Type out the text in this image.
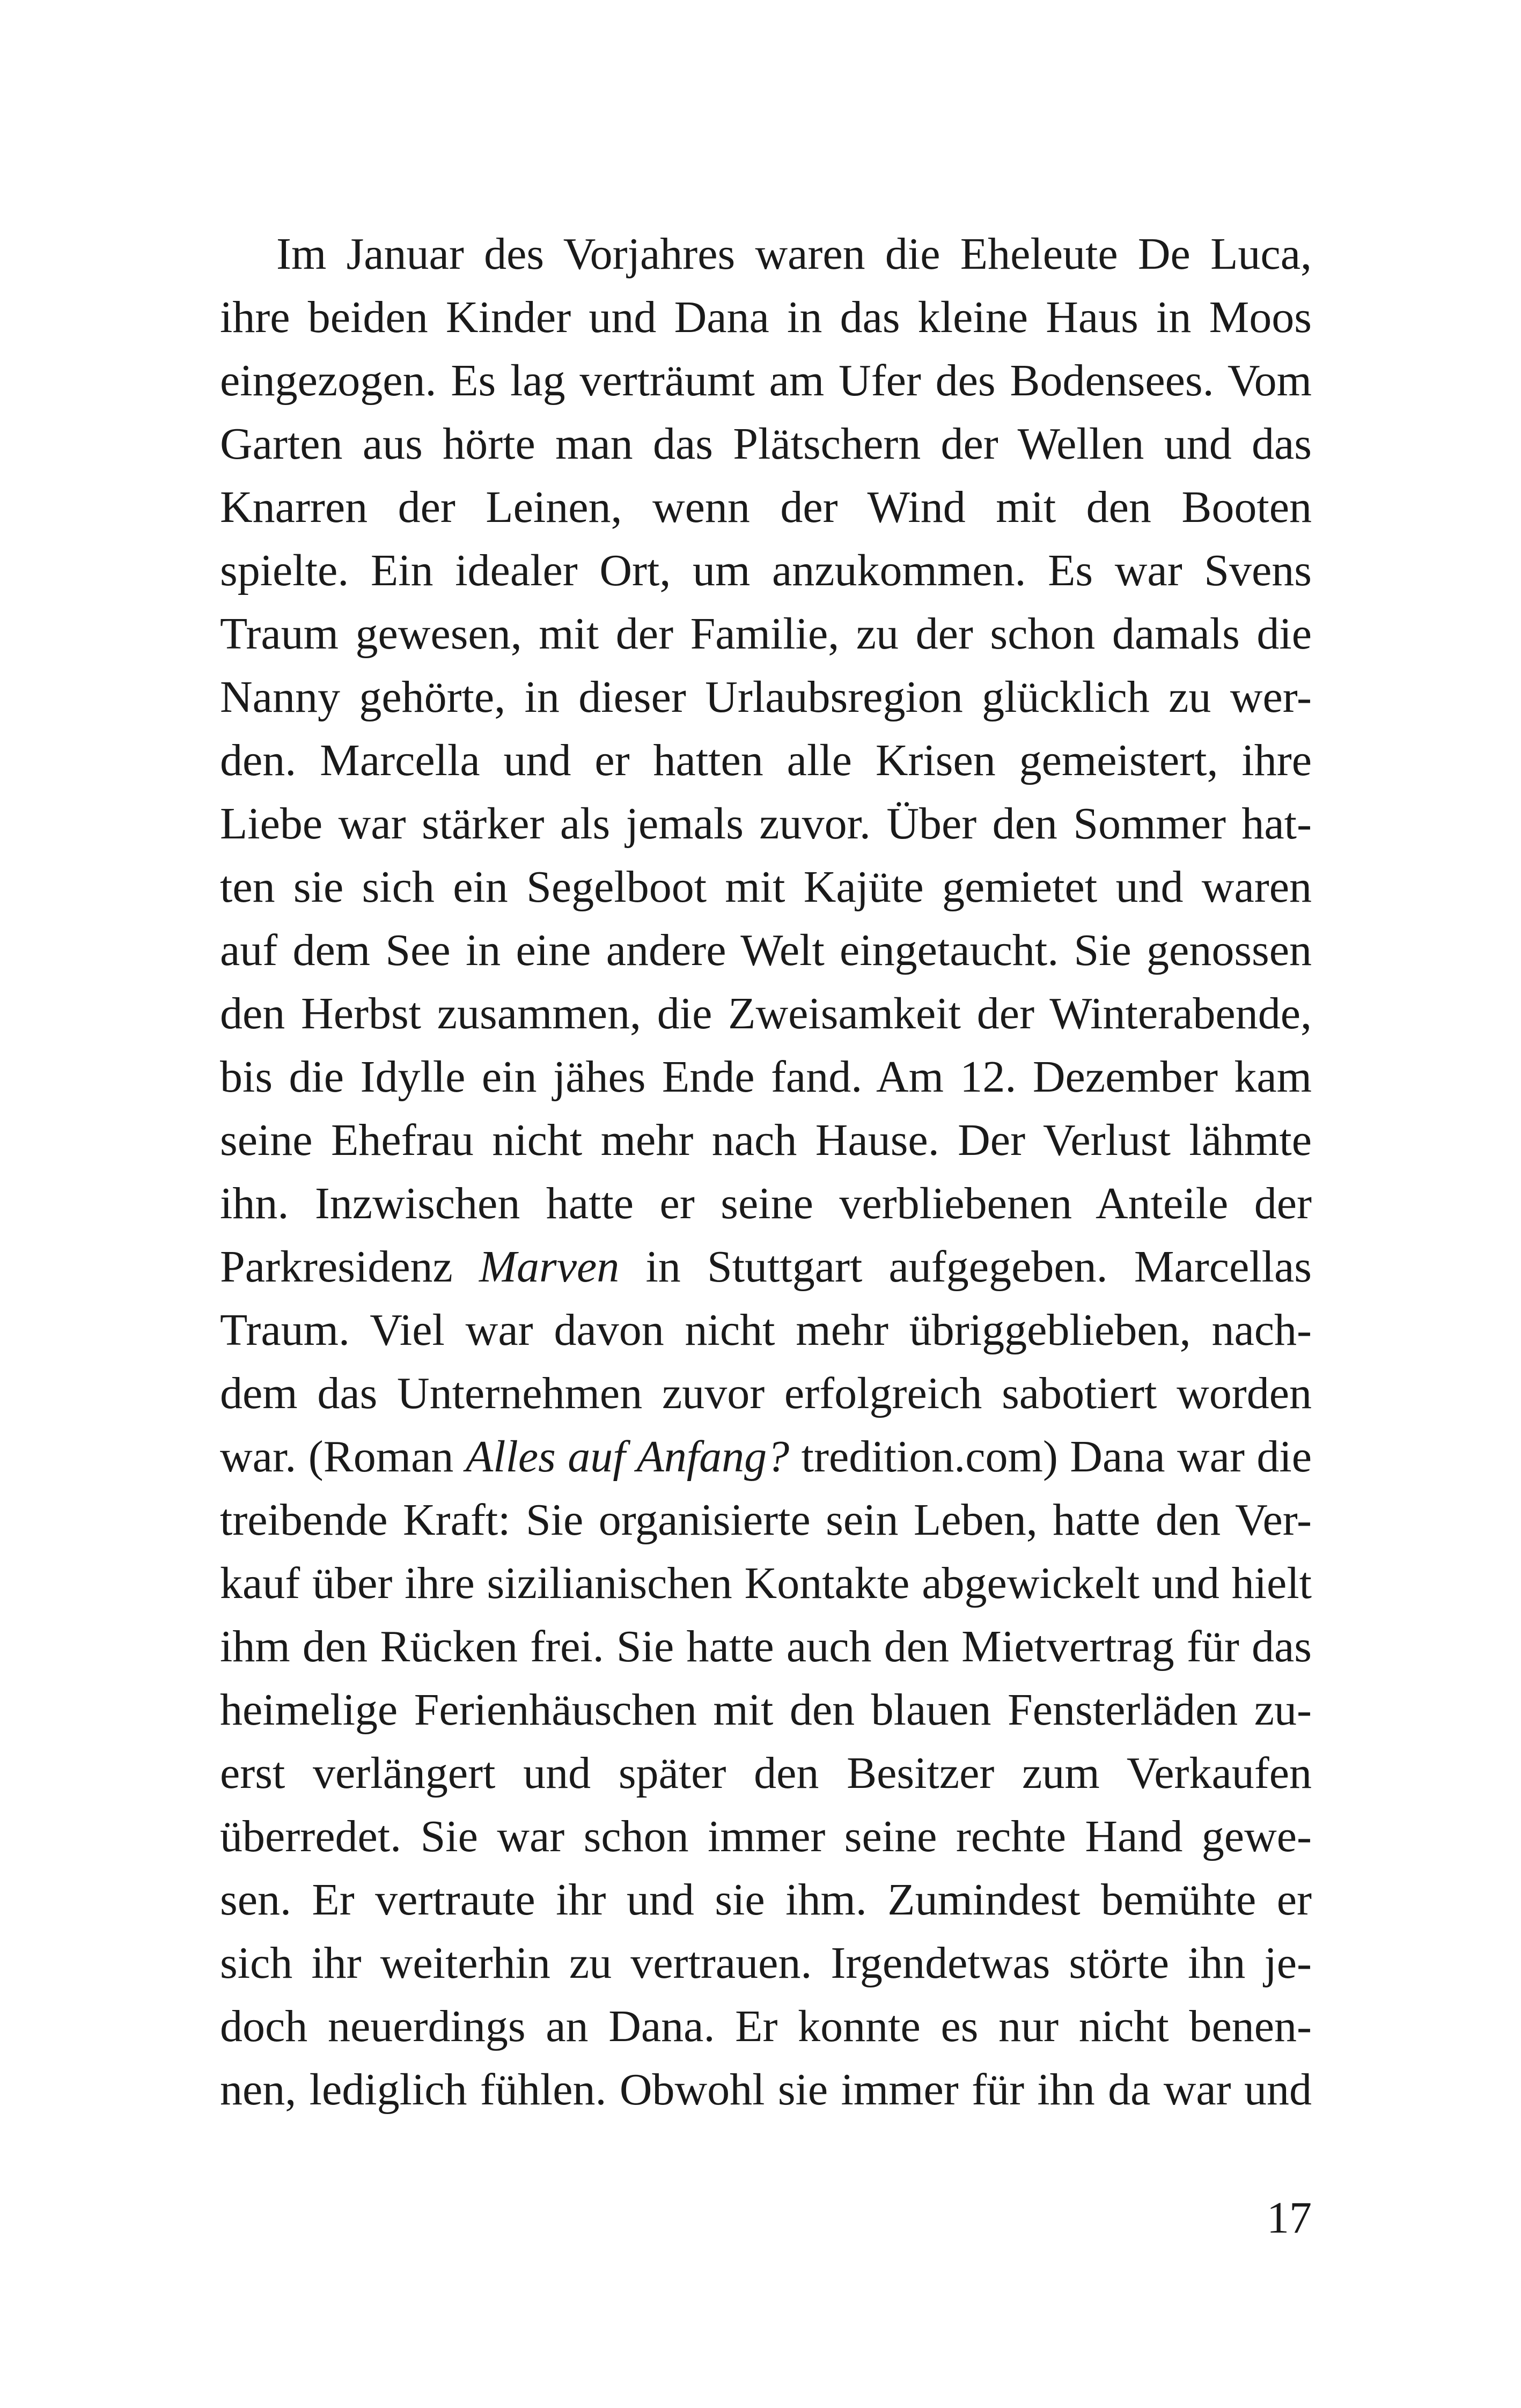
Im Januar des Vorjahres waren die Eheleute De Luca,
ihre beiden Kinder und Dana in das kleine Haus in Moos
eingezogen. Es lag verträumt am Ufer des Bodensees. Vom
Garten aus hörte man das Plätschern der Wellen und das
Knarren der Leinen, wenn der Wind mit den Booten
spielte. Ein idealer Ort, um anzukommen. Es war Svens
Traum gewesen, mit der Familie, zu der schon damals die
Nanny gehörte, in dieser Urlaubsregion glücklich zu wer-
den. Marcella und er hatten alle Krisen gemeistert, ihre
Liebe war stärker als jemals zuvor. Über den Sommer hat-
ten sie sich ein Segelboot mit Kajüte gemietet und waren
auf dem See in eine andere Welt eingetaucht. Sie genossen
den Herbst zusammen, die Zweisamkeit der Winterabende,
bis die Idylle ein jähes Ende fand. Am 12. Dezember kam
seine Ehefrau nicht mehr nach Hause. Der Verlust lähmte
ihn. Inzwischen hatte er seine verbliebenen Anteile der
Parkresidenz Marven in Stuttgart aufgegeben. Marcellas
Traum. Viel war davon nicht mehr übriggeblieben, nach-
dem das Unternehmen zuvor erfolgreich sabotiert worden
war. (Roman Alles auf Anfang? tredition.com) Dana war die
treibende Kraft: Sie organisierte sein Leben, hatte den Ver-
kauf über ihre sizilianischen Kontakte abgewickelt und hielt
ihm den Rücken frei. Sie hatte auch den Mietvertrag für das
heimelige Ferienhäuschen mit den blauen Fensterläden zu-
erst verlängert und später den Besitzer zum Verkaufen
überredet. Sie war schon immer seine rechte Hand gewe-
sen. Er vertraute ihr und sie ihm. Zumindest bemühte er
sich ihr weiterhin zu vertrauen. Irgendetwas störte ihn je-
doch neuerdings an Dana. Er konnte es nur nicht benen-
nen, lediglich fühlen. Obwohl sie immer für ihn da war und
17
